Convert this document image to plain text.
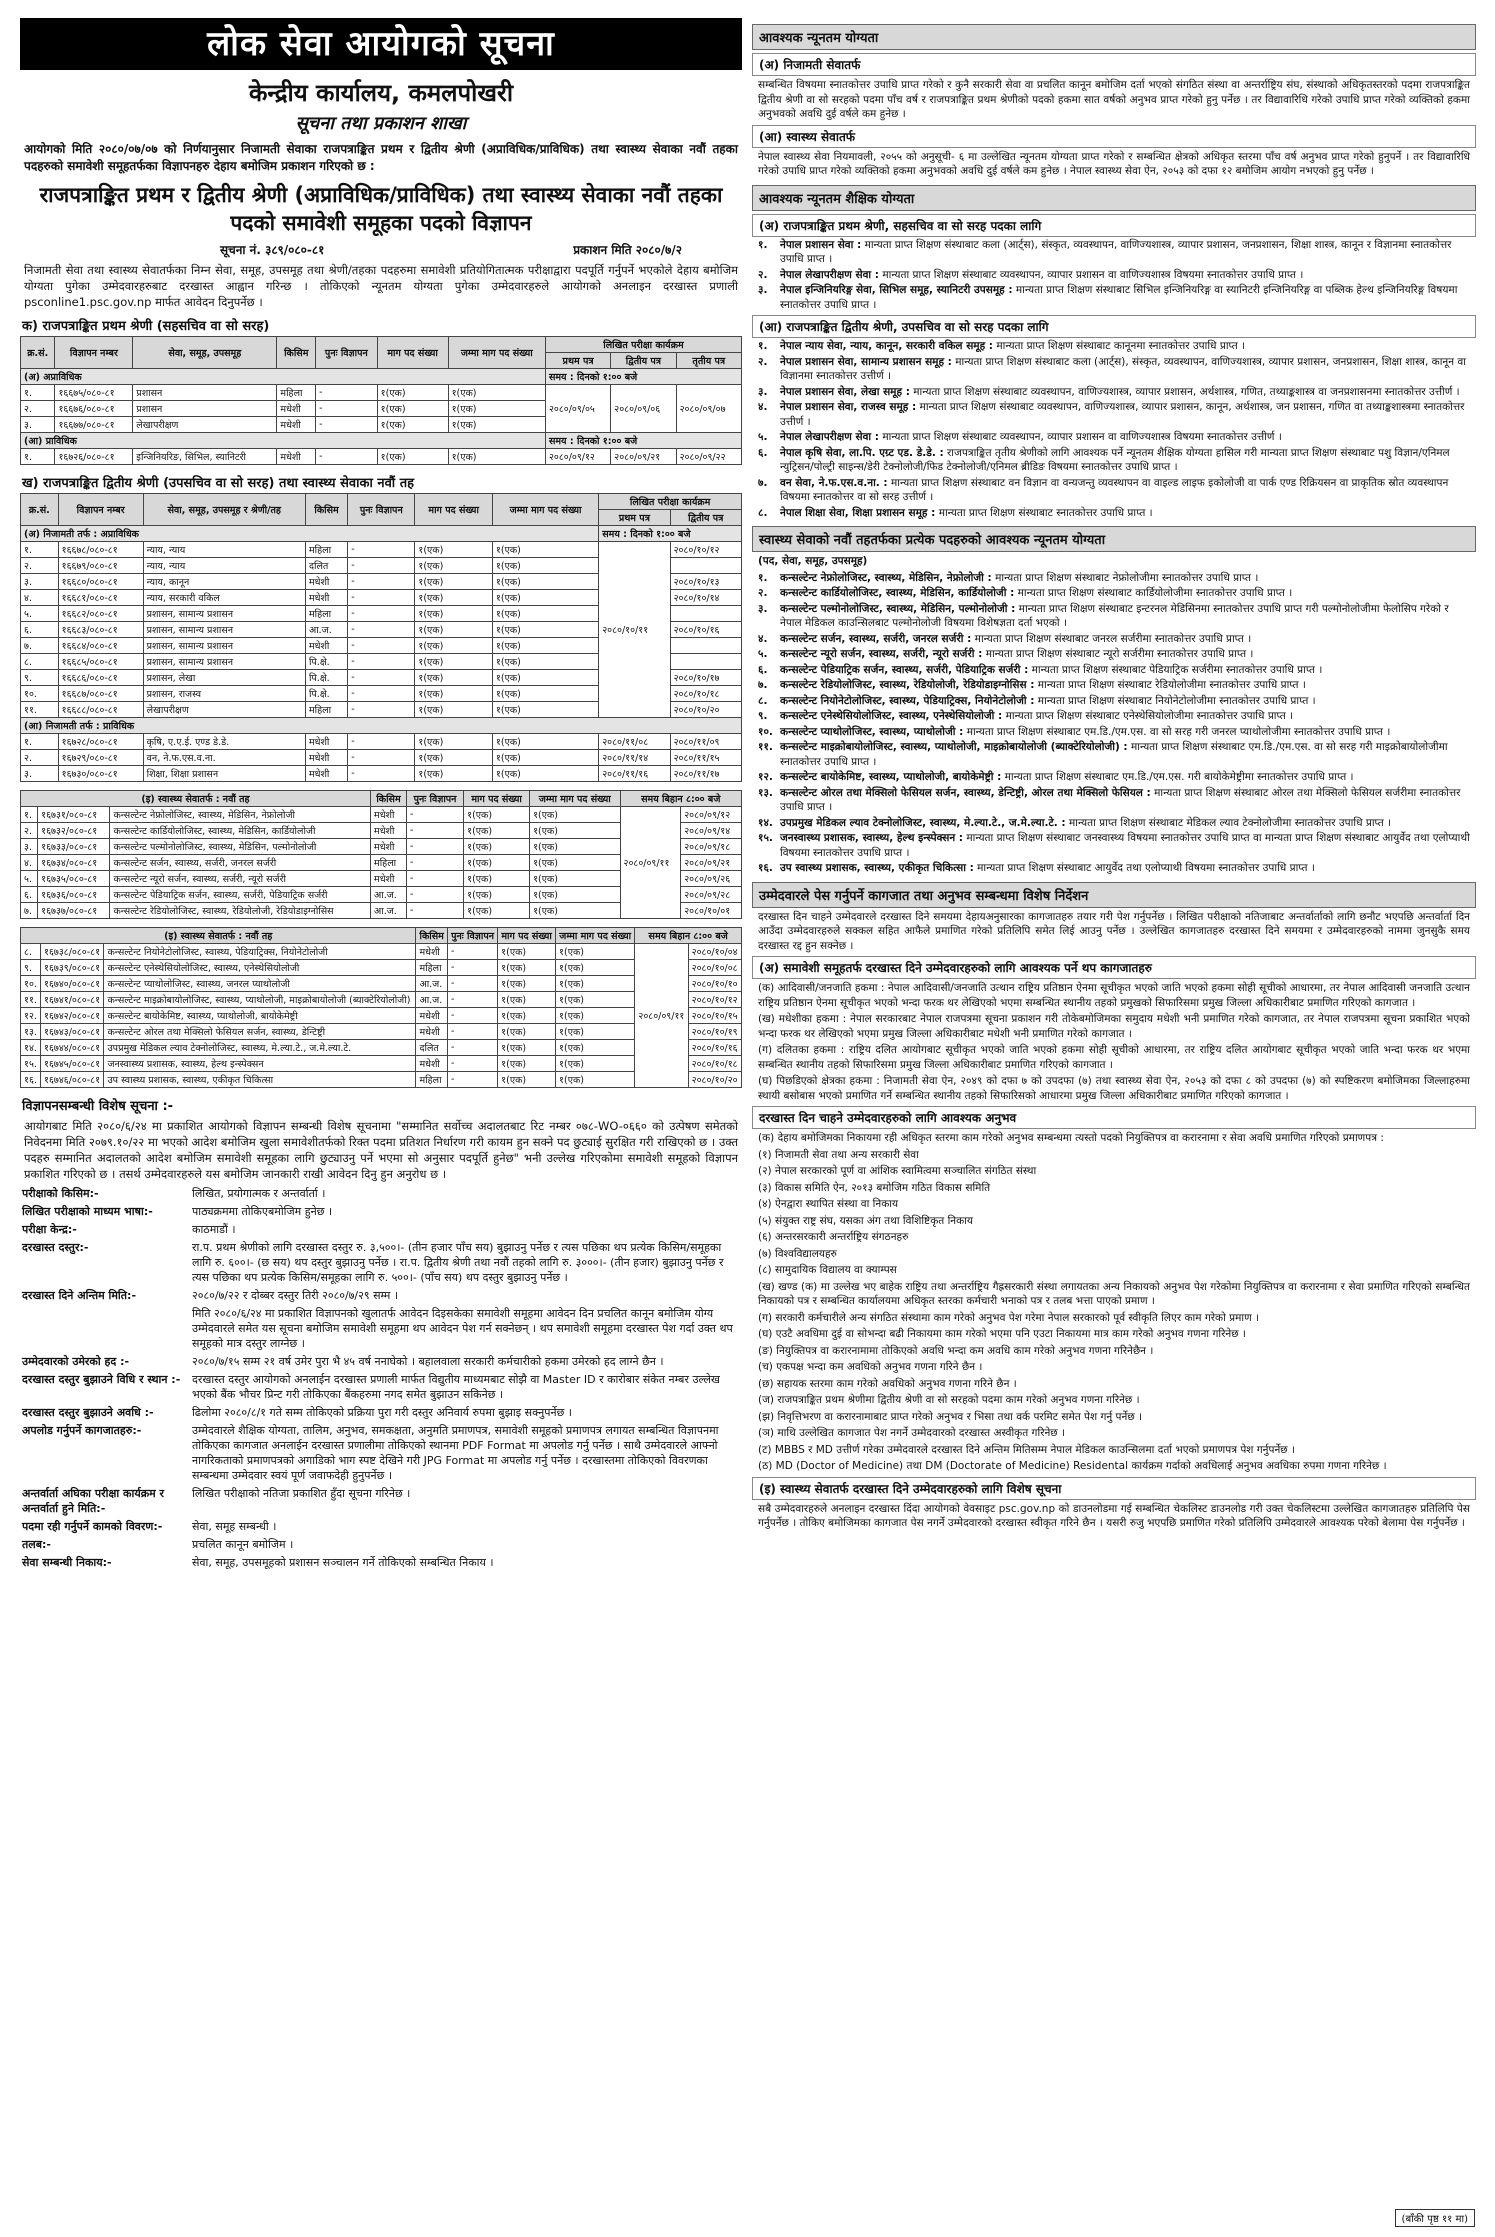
लोक सेवा आयोगको सूचना
केन्द्रीय कार्यालय, कमलपोखरी
सूचना तथा प्रकाशन शाखा
आयोगको मिति २०८०/०७/०७ को निर्णयानुसार निजामती सेवाका राजपत्राङ्कित प्रथम र द्वितीय श्रेणी (अप्राविधिक/प्राविधिक) तथा स्वास्थ्य सेवाका नवौं तहका पदहरुको समावेशी समूहतर्फका विज्ञापनहरु देहाय बमोजिम प्रकाशन गरिएको छ :
राजपत्राङ्कित प्रथम र द्वितीय श्रेणी (अप्राविधिक/प्राविधिक) तथा स्वास्थ्य सेवाका नवौं तहका पदको समावेशी समूहका पदको विज्ञापन
सूचना नं. ३८९/०८०-८१	प्रकाशन मिति २०८०/७/२
निजामती सेवा तथा स्वास्थ्य सेवातर्फका निम्न सेवा, समूह, उपसमूह तथा श्रेणी/तहका पदहरुमा समावेशी प्रतियोगितात्मक परीक्षाद्वारा पदपूर्ति गर्नुपर्ने भएकोले देहाय बमोजिम योग्यता पुगेका उम्मेदवारहरुबाट दरखास्त आह्वान गरिन्छ । तोकिएको न्यूनतम योग्यता पुगेका उम्मेदवारहरुले आयोगको अनलाइन दरखास्त प्रणाली psconline1.psc.gov.np मार्फत आवेदन दिनुपर्नेछ ।
क) राजपत्राङ्कित प्रथम श्रेणी (सहसचिव वा सो सरह)
क्र.सं.	विज्ञापन नम्बर	सेवा, समूह, उपसमूह	किसिम	पुनः विज्ञापन	माग पद संख्या	जम्मा माग पद संख्या	लिखित परीक्षा कार्यक्रम		
							प्रथम पत्र	द्वितीय पत्र	तृतीय पत्र
(अ) अप्राविधिक							समय : दिनको १:०० बजे		
१.	१६६७५/०८०-८१	प्रशासन	महिला	-	१(एक)	१(एक)	२०८०/०९/०५	२०८०/०९/०६	२०८०/०९/०७
२.	१६६७६/०८०-८१	प्रशासन	मधेशी	-	१(एक)	१(एक)			
३.	१६६७७/०८०-८१	लेखापरीक्षण	मधेशी	-	१(एक)	१(एक)			
(आ) प्राविधिक							समय : दिनको १:०० बजे		
१.	१६७२६/०८०-८१	इन्जिनियरिङ, सिभिल, स्यानिटरी	मधेशी	-	१(एक)	१(एक)	२०८०/०९/१२	२०८०/०९/२१	२०८०/०९/२२
ख) राजपत्राङ्कित द्वितीय श्रेणी (उपसचिव वा सो सरह) तथा स्वास्थ्य सेवाका नवौं तह
क्र.सं.	विज्ञापन नम्बर	सेवा, समूह, उपसमूह र श्रेणी/तह	किसिम	पुनः विज्ञापन	माग पद संख्या	जम्मा माग पद संख्या	लिखित परीक्षा कार्यक्रम	
							प्रथम पत्र	द्वितीय पत्र
(अ) निजामती तर्फ : अप्राविधिक							समय : दिनको १:०० बजे	
१.	१६६७८/०८०-८१	न्याय, न्याय	महिला	-	१(एक)	१(एक)	२०८०/१०/११	२०८०/१०/१२
२.	१६६७९/०८०-८१	न्याय, न्याय	दलित	-	१(एक)	१(एक)		
३.	१६६८०/०८०-८१	न्याय, कानून	मधेशी	-	१(एक)	१(एक)		२०८०/१०/१३
४.	१६६८१/०८०-८१	न्याय, सरकारी वकिल	मधेशी	-	१(एक)	१(एक)		२०८०/१०/१४
५.	१६६८२/०८०-८१	प्रशासन, सामान्य प्रशासन	महिला	-	१(एक)	१(एक)		
६.	१६६८३/०८०-८१	प्रशासन, सामान्य प्रशासन	आ.ज.	-	१(एक)	१(एक)		२०८०/१०/१६
७.	१६६८४/०८०-८१	प्रशासन, सामान्य प्रशासन	मधेशी	-	१(एक)	१(एक)		
८.	१६६८५/०८०-८१	प्रशासन, सामान्य प्रशासन	पि.क्षे.	-	१(एक)	१(एक)		
९.	१६६८६/०८०-८१	प्रशासन, लेखा	पि.क्षे.	-	१(एक)	१(एक)		२०८०/१०/१७
१०.	१६६८७/०८०-८१	प्रशासन, राजस्व	पि.क्षे.	-	१(एक)	१(एक)		२०८०/१०/१८
११.	१६६८८/०८०-८१	लेखापरीक्षण	महिला	-	१(एक)	१(एक)		२०८०/१०/२०
(आ) निजामती तर्फ : प्राविधिक								
१.	१६७२८/०८०-८१	कृषि, ए.ए.ई. एण्ड डे.डे.	मधेशी	-	१(एक)	१(एक)	२०८०/११/०८	२०८०/११/०९
२.	१६७२९/०८०-८१	वन, ने.फ.एस.व.ना.	मधेशी	-	१(एक)	१(एक)	२०८०/११/१४	२०८०/११/१५
३.	१६७३०/०८०-८१	शिक्षा, शिक्षा प्रशासन	मधेशी	-	१(एक)	१(एक)	२०८०/११/१६	२०८०/११/१७
(इ) स्वास्थ्य सेवातर्फ : नवौं तह			किसिम	पुनः विज्ञापन	माग पद संख्या	जम्मा माग पद संख्या	समय बिहान ८:०० बजे	
१.	१६७३१/०८०-८१	कन्सल्टेन्ट नेफ्रोलोजिस्ट, स्वास्थ्य, मेडिसिन, नेफ्रोलोजी	मधेशी	-	१(एक)	१(एक)	२०८०/०९/११	२०८०/०९/१२
२.	१६७३२/०८०-८१	कन्सल्टेन्ट कार्डियोलोजिस्ट, स्वास्थ्य, मेडिसिन, कार्डियोलोजी	मधेशी	-	१(एक)	१(एक)		२०८०/०९/१४
३.	१६७३३/०८०-८१	कन्सल्टेन्ट पल्मोनोलोजिस्ट, स्वास्थ्य, मेडिसिन, पल्मोनोलोजी	मधेशी	-	१(एक)	१(एक)		२०८०/०९/१८
४.	१६७३४/०८०-८१	कन्सल्टेन्ट सर्जन, स्वास्थ्य, सर्जरी, जनरल सर्जरी	महिला	-	१(एक)	१(एक)		२०८०/०९/२१
५.	१६७३५/०८०-८१	कन्सल्टेन्ट न्यूरो सर्जन, स्वास्थ्य, सर्जरी, न्यूरो सर्जरी	मधेशी	-	१(एक)	१(एक)		२०८०/०९/२६
६.	१६७३६/०८०-८१	कन्सल्टेन्ट पेडियाट्रिक सर्जन, स्वास्थ्य, सर्जरी, पेडियाट्रिक सर्जरी	आ.ज.	-	१(एक)	१(एक)		२०८०/०९/२८
७.	१६७३७/०८०-८१	कन्सल्टेन्ट रेडियोलोजिस्ट, स्वास्थ्य, रेडियोलोजी, रेडियोडाइग्नोसिस	आ.ज.	-	१(एक)	१(एक)		२०८०/१०/०१
(इ) स्वास्थ्य सेवातर्फ : नवौं तह			किसिम	पुनः विज्ञापन	माग पद संख्या	जम्मा माग पद संख्या	समय बिहान ८:०० बजे	
८.	१६७३८/०८०-८१	कन्सल्टेन्ट नियोनेटोलोजिस्ट, स्वास्थ्य, पेडियाट्रिक्स, नियोनेटोलोजी	मधेशी	-	१(एक)	१(एक)	२०८०/०९/११	२०८०/१०/०४
९.	१६७३९/०८०-८१	कन्सल्टेन्ट एनेस्थेसियोलोजिस्ट, स्वास्थ्य, एनेस्थेसियोलोजी	महिला	-	१(एक)	१(एक)		२०८०/१०/०८
१०.	१६७४०/०८०-८१	कन्सल्टेन्ट प्याथोलोजिस्ट, स्वास्थ्य, जनरल प्याथोलोजी	आ.ज.	-	१(एक)	१(एक)		२०८०/१०/१०
११.	१६७४१/०८०-८१	कन्सल्टेन्ट माइक्रोबायोलोजिस्ट, स्वास्थ्य, प्याथोलोजी, माइक्रोबायोलोजी (ब्याक्टेरियोलोजी)	आ.ज.	-	१(एक)	१(एक)		२०८०/१०/१२
१२.	१६७४२/०८०-८१	कन्सल्टेन्ट बायोकेमिष्ट, स्वास्थ्य, प्याथोलोजी, बायोकेमेष्ट्री	मधेशी	-	१(एक)	१(एक)		२०८०/१०/१५
१३.	१६७४३/०८०-८१	कन्सल्टेन्ट ओरल तथा मेक्सिलो फेसियल सर्जन, स्वास्थ्य, डेन्टिष्ट्री	मधेशी	-	१(एक)	१(एक)		२०८०/१०/१९
१४.	१६७४४/०८०-८१	उपप्रमुख मेडिकल ल्याव टेक्नोलोजिस्ट, स्वास्थ्य, मे.ल्या.टे., ज.मे.ल्या.टे.	दलित	-	१(एक)	१(एक)		२०८०/१०/१६
१५.	१६७४५/०८०-८१	जनस्वास्थ्य प्रशासक, स्वास्थ्य, हेल्थ इन्स्पेक्सन	मधेशी	-	१(एक)	१(एक)		२०८०/१०/१८
१६.	१६७४६/०८०-८१	उप स्वास्थ्य प्रशासक, स्वास्थ्य, एकीकृत चिकित्सा	महिला	-	१(एक)	१(एक)		२०८०/१०/२०
विज्ञापनसम्बन्धी विशेष सूचना :-
आयोगबाट मिति २०८०/६/२४ मा प्रकाशित आयोगको विज्ञापन सम्बन्धी विशेष सूचनामा "सम्मानित सर्वोच्च अदालतबाट रिट नम्बर ०७८-WO-०६६० को उत्पेषण समेतको निवेदनमा मिति २०७९.१०/२२ मा भएको आदेश बमोजिम खुला समावेशीतर्फको रिक्त पदमा प्रतिशत निर्धारण गरी कायम हुन सक्ने पद छुट्याई सुरक्षित गरी राखिएको छ । उक्त पदहरु सम्मानित अदालतको आदेश बमोजिम समावेशी समूहका लागि छुट्याउनु पर्ने भएमा सो अनुसार पदपूर्ति हुनेछ" भनी उल्लेख गरिएकोमा समावेशी समूहको विज्ञापन प्रकाशित गरिएको छ । तसर्थ उम्मेदवारहरुले यस बमोजिम जानकारी राखी आवेदन दिनु हुन अनुरोध छ ।
परीक्षाको किसिम:-	लिखित, प्रयोगात्मक र अन्तर्वार्ता ।
लिखित परीक्षाको माध्यम भाषा:-	पाठ्यक्रममा तोकिएबमोजिम हुनेछ ।
परीक्षा केन्द्र:-	काठमाडौं ।
दरखास्त दस्तुर:-	रा.प. प्रथम श्रेणीको लागि दरखास्त दस्तुर रु. ३,५००।- (तीन हजार पाँच सय) बुझाउनु पर्नेछ र त्यस पछिका थप प्रत्येक किसिम/समूहका लागि रु. ६००।- (छ सय) थप दस्तुर बुझाउनु पर्नेछ । रा.प. द्वितीय श्रेणी तथा नवौं तहको लागि रु. ३०००।- (तीन हजार) बुझाउनु पर्नेछ र त्यस पछिका थप प्रत्येक किसिम/समूहका लागि रु. ५००।- (पाँच सय) थप दस्तुर बुझाउनु पर्नेछ ।
दरखास्त दिने अन्तिम मिति:-	२०८०/७/२२ र दोब्बर दस्तुर तिरी २०८०/७/२९ सम्म ।
मिति २०८०/६/२४ मा प्रकाशित विज्ञापनको खुलातर्फ आवेदन दिइसकेका समावेशी समूहमा आवेदन दिन प्रचलित कानून बमोजिम योग्य उम्मेदवारले समेत यस सूचना बमोजिम समावेशी समूहमा थप आवेदन पेश गर्न सक्नेछन् । थप समावेशी समूहमा दरखास्त पेश गर्दा उक्त थप समूहको मात्र दस्तुर लाग्नेछ ।
उम्मेदवारको उमेरको हद :-	२०८०/७/१५ सम्म २१ वर्ष उमेर पुरा भै ४५ वर्ष ननाघेको । बहालवाला सरकारी कर्मचारीको हकमा उमेरको हद लाग्ने छैन ।
दरखास्त दस्तुर बुझाउने विधि र स्थान :-	दरखास्त दस्तुर आयोगको अनलाईन दरखास्त प्रणाली मार्फत विद्युतीय माध्यमबाट सोझै वा Master ID र कारोबार संकेत नम्बर उल्लेख भएको बैंक भौचर प्रिन्ट गरी तोकिएका बैंकहरुमा नगद समेत बुझाउन सकिनेछ ।
दरखास्त दस्तुर बुझाउने अवधि :-	ढिलोमा २०८०/८/१ गते सम्म तोकिएको प्रक्रिया पुरा गरी दस्तुर अनिवार्य रुपमा बुझाइ सक्नुपर्नेछ ।
अपलोड गर्नुपर्ने कागजातहरु:-	उम्मेदवारले शैक्षिक योग्यता, तालिम, अनुभव, समकक्षता, अनुमति प्रमाणपत्र, समावेशी समूहको प्रमाणपत्र लगायत सम्बन्धित विज्ञापनमा तोकिएका कागजात अनलाईन दरखास्त प्रणालीमा तोकिएको स्थानमा PDF Format मा अपलोड गर्नु पर्नेछ । साथै उम्मेदवारले आफ्नो नागरिकताको प्रमाणपत्रको अगाडिको भाग स्पष्ट देखिने गरी JPG Format मा अपलोड गर्नु पर्नेछ । दरखास्तमा तोकिएको विवरणका सम्बन्धमा उम्मेदवार स्वयं पूर्ण जवाफदेही हुनुपर्नेछ ।
अन्तर्वार्ता अघिका परीक्षा कार्यक्रम र अन्तर्वार्ता हुने मिति:-
लिखित परीक्षाको नतिजा प्रकाशित हुँदा सूचना गरिनेछ ।
पदमा रही गर्नुपर्ने कामको विवरण:-	सेवा, समूह सम्बन्धी ।
तलब:-	प्रचलित कानून बमोजिम ।
सेवा सम्बन्धी निकाय:-	सेवा, समूह, उपसमूहको प्रशासन सञ्चालन गर्ने तोकिएको सम्बन्धित निकाय ।
आवश्यक न्यूनतम योग्यता
(अ) निजामती सेवातर्फ
सम्बन्धित विषयमा स्नातकोत्तर उपाधि प्राप्त गरेको र कुनै सरकारी सेवा वा प्रचलित कानून बमोजिम दर्ता भएको संगठित संस्था वा अन्तर्राष्ट्रिय संघ, संस्थाको अधिकृतस्तरको पदमा राजपत्राङ्कित द्वितीय श्रेणी वा सो सरहको पदमा पाँच वर्ष र राजपत्राङ्कित प्रथम श्रेणीको पदको हकमा सात वर्षको अनुभव प्राप्त गरेको हुनु पर्नेछ । तर विद्यावारिधि गरेको उपाधि प्राप्त गरेको व्यक्तिको हकमा अनुभवको अवधि दुई वर्षले कम हुनेछ ।
(आ) स्वास्थ्य सेवातर्फ
नेपाल स्वास्थ्य सेवा नियमावली, २०५५ को अनुसूची- ६ मा उल्लेखित न्यूनतम योग्यता प्राप्त गरेको र सम्बन्धित क्षेत्रको अधिकृत स्तरमा पाँच वर्ष अनुभव प्राप्त गरेको हुनुपर्ने । तर विद्यावारिधि गरेको उपाधि प्राप्त गरेको व्यक्तिको हकमा अनुभवको अवधि दुई वर्षले कम हुनेछ । नेपाल स्वास्थ्य सेवा ऐन, २०५३ को दफा १२ बमोजिम आयोग नभएको हुनु पर्नेछ ।
आवश्यक न्यूनतम शैक्षिक योग्यता
(अ) राजपत्राङ्कित प्रथम श्रेणी, सहसचिव वा सो सरह पदका लागि
१.	नेपाल प्रशासन सेवा : मान्यता प्राप्त शिक्षण संस्थाबाट कला (आर्ट्स), संस्कृत, व्यवस्थापन, वाणिज्यशास्त्र, व्यापार प्रशासन, जनप्रशासन, शिक्षा शास्त्र, कानून र विज्ञानमा स्नातकोत्तर उपाधि प्राप्त ।
२.	नेपाल लेखापरीक्षण सेवा : मान्यता प्राप्त शिक्षण संस्थाबाट व्यवस्थापन, व्यापार प्रशासन वा वाणिज्यशास्त्र विषयमा स्नातकोत्तर उपाधि प्राप्त ।
३.	नेपाल इन्जिनियरिङ्ग सेवा, सिभिल समूह, स्यानिटरी उपसमूह : मान्यता प्राप्त शिक्षण संस्थाबाट सिभिल इन्जिनियरिङ्ग वा स्यानिटरी इन्जिनियरिङ्ग वा पब्लिक हेल्थ इन्जिनियरिङ्ग विषयमा स्नातकोत्तर उपाधि प्राप्त ।
(आ) राजपत्राङ्कित द्वितीय श्रेणी, उपसचिव वा सो सरह पदका लागि
१.	नेपाल न्याय सेवा, न्याय, कानून, सरकारी वकिल समूह : मान्यता प्राप्त शिक्षण संस्थाबाट कानूनमा स्नातकोत्तर उपाधि प्राप्त ।
२.	नेपाल प्रशासन सेवा, सामान्य प्रशासन समूह : मान्यता प्राप्त शिक्षण संस्थाबाट कला (आर्ट्स), संस्कृत, व्यवस्थापन, वाणिज्यशास्त्र, व्यापार प्रशासन, जनप्रशासन, शिक्षा शास्त्र, कानून वा विज्ञानमा स्नातकोत्तर उत्तीर्ण ।
३.	नेपाल प्रशासन सेवा, लेखा समूह : मान्यता प्राप्त शिक्षण संस्थाबाट व्यवस्थापन, वाणिज्यशास्त्र, व्यापार प्रशासन, अर्थशास्त्र, गणित, तथ्याङ्कशास्त्र वा जनप्रशासनमा स्नातकोत्तर उत्तीर्ण ।
४.	नेपाल प्रशासन सेवा, राजस्व समूह : मान्यता प्राप्त शिक्षण संस्थाबाट व्यवस्थापन, वाणिज्यशास्त्र, व्यापार प्रशासन, कानून, अर्थशास्त्र, जन प्रशासन, गणित वा तथ्याङ्कशास्त्रमा स्नातकोत्तर उत्तीर्ण ।
५.	नेपाल लेखापरीक्षण सेवा : मान्यता प्राप्त शिक्षण संस्थाबाट व्यवस्थापन, व्यापार प्रशासन वा वाणिज्यशास्त्र विषयमा स्नातकोत्तर उत्तीर्ण ।
६.	नेपाल कृषि सेवा, ला.पि. एग्र्ट एड. डे.डे. : राजपत्राङ्कित तृतीय श्रेणीको लागि आवश्यक पर्ने न्यूनतम शैक्षिक योग्यता हासिल गरी मान्यता प्राप्त शिक्षण संस्थाबाट पशु विज्ञान/एनिमल न्युट्रिसन/पोल्ट्री साइन्स/डेरी टेक्नोलोजी/फिड टेक्नोलोजी/एनिमल ब्रीडिङ विषयमा स्नातकोत्तर उपाधि प्राप्त ।
७.	वन सेवा, ने.फ.एस.व.ना. : मान्यता प्राप्त शिक्षण संस्थाबाट वन विज्ञान वा वन्यजन्तु व्यवस्थापन वा वाइल्ड लाइफ इकोलोजी वा पार्क एण्ड रिक्रियसन वा प्राकृतिक स्रोत व्यवस्थापन विषयमा स्नातकोत्तर वा सो सरह उत्तीर्ण ।
८.	नेपाल शिक्षा सेवा, शिक्षा प्रशासन समूह : मान्यता प्राप्त शिक्षण संस्थाबाट स्नातकोत्तर उपाधि प्राप्त ।
स्वास्थ्य सेवाको नवौं तहतर्फका प्रत्येक पदहरुको आवश्यक न्यूनतम योग्यता
(पद, सेवा, समूह, उपसमूह)
१.	कन्सल्टेन्ट नेफ्रोलोजिस्ट, स्वास्थ्य, मेडिसिन, नेफ्रोलोजी : मान्यता प्राप्त शिक्षण संस्थाबाट नेफ्रोलोजीमा स्नातकोत्तर उपाधि प्राप्त ।
२.	कन्सल्टेन्ट कार्डियोलोजिस्ट, स्वास्थ्य, मेडिसिन, कार्डियोलोजी : मान्यता प्राप्त शिक्षण संस्थाबाट कार्डियोलोजीमा स्नातकोत्तर उपाधि प्राप्त ।
३.	कन्सल्टेन्ट पल्मोनोलोजिस्ट, स्वास्थ्य, मेडिसिन, पल्मोनोलोजी : मान्यता प्राप्त शिक्षण संस्थाबाट इन्टरनल मेडिसिनमा स्नातकोत्तर उपाधि प्राप्त गरी पल्मोनोलोजीमा फेलोसिप गरेको र नेपाल मेडिकल काउन्सिलबाट पल्मोनोलोजी विषयमा विशेषज्ञता दर्ता भएको ।
४.	कन्सल्टेन्ट सर्जन, स्वास्थ्य, सर्जरी, जनरल सर्जरी : मान्यता प्राप्त शिक्षण संस्थाबाट जनरल सर्जरीमा स्नातकोत्तर उपाधि प्राप्त ।
५.	कन्सल्टेन्ट न्यूरो सर्जन, स्वास्थ्य, सर्जरी, न्यूरो सर्जरी : मान्यता प्राप्त शिक्षण संस्थाबाट न्यूरो सर्जरीमा स्नातकोत्तर उपाधि प्राप्त ।
६.	कन्सल्टेन्ट पेडियाट्रिक सर्जन, स्वास्थ्य, सर्जरी, पेडियाट्रिक सर्जरी : मान्यता प्राप्त शिक्षण संस्थाबाट पेडियाट्रिक सर्जरीमा स्नातकोत्तर उपाधि प्राप्त ।
७.	कन्सल्टेन्ट रेडियोलोजिस्ट, स्वास्थ्य, रेडियोलोजी, रेडियोडाइग्नोसिस : मान्यता प्राप्त शिक्षण संस्थाबाट रेडियोलोजीमा स्नातकोत्तर उपाधि प्राप्त ।
८.	कन्सल्टेन्ट नियोनेटोलोजिस्ट, स्वास्थ्य, पेडियाट्रिक्स, नियोनेटोलोजी : मान्यता प्राप्त शिक्षण संस्थाबाट नियोनेटोलोजीमा स्नातकोत्तर उपाधि प्राप्त ।
९.	कन्सल्टेन्ट एनेस्थेसियोलोजिस्ट, स्वास्थ्य, एनेस्थेसियोलोजी : मान्यता प्राप्त शिक्षण संस्थाबाट एनेस्थेसियोलोजीमा स्नातकोत्तर उपाधि प्राप्त ।
१०. कन्सल्टेन्ट प्याथोलोजिस्ट, स्वास्थ्य, प्याथोलोजी : मान्यता प्राप्त शिक्षण संस्थाबाट एम.डि./एम.एस. वा सो सरह गरी जनरल प्याथोलोजीमा स्नातकोत्तर उपाधि प्राप्त ।
११. कन्सल्टेन्ट माइक्रोबायोलोजिस्ट, स्वास्थ्य, प्याथोलोजी, माइक्रोबायोलोजी (ब्याक्टेरियोलोजी) : मान्यता प्राप्त शिक्षण संस्थाबाट एम.डि./एम.एस. वा सो सरह गरी माइक्रोबायोलोजीमा स्नातकोत्तर उपाधि प्राप्त ।
१२. कन्सल्टेन्ट बायोकेमिष्ट, स्वास्थ्य, प्याथोलोजी, बायोकेमेष्ट्री : मान्यता प्राप्त शिक्षण संस्थाबाट एम.डि./एम.एस. गरी बायोकेमेष्ट्रीमा स्नातकोत्तर उपाधि प्राप्त ।
१३. कन्सल्टेन्ट ओरल तथा मेक्सिलो फेसियल सर्जन, स्वास्थ्य, डेन्टिष्ट्री, ओरल तथा मेक्सिलो फेसियल : मान्यता प्राप्त शिक्षण संस्थाबाट ओरल तथा मेक्सिलो फेसियल सर्जरीमा स्नातकोत्तर उपाधि प्राप्त ।
१४. उपप्रमुख मेडिकल ल्याव टेक्नोलोजिस्ट, स्वास्थ्य, मे.ल्या.टे., ज.मे.ल्या.टे. : मान्यता प्राप्त शिक्षण संस्थाबाट मेडिकल ल्याव टेक्नोलोजीमा स्नातकोत्तर उपाधि प्राप्त ।
१५. जनस्वास्थ्य प्रशासक, स्वास्थ्य, हेल्थ इन्स्पेक्सन : मान्यता प्राप्त शिक्षण संस्थाबाट जनस्वास्थ्य विषयमा स्नातकोत्तर उपाधि प्राप्त वा मान्यता प्राप्त शिक्षण संस्थाबाट आयुर्वेद तथा एलोप्याथी विषयमा स्नातकोत्तर उपाधि प्राप्त ।
१६. उप स्वास्थ्य प्रशासक, स्वास्थ्य, एकीकृत चिकित्सा : मान्यता प्राप्त शिक्षण संस्थाबाट आयुर्वेद तथा एलोप्याथी विषयमा स्नातकोत्तर उपाधि प्राप्त ।
उम्मेदवारले पेस गर्नुपर्ने कागजात तथा अनुभव सम्बन्धमा विशेष निर्देशन
दरखास्त दिन चाहने उम्मेदवारले दरखास्त दिने समयमा देहायअनुसारका कागजातहरु तयार गरी पेश गर्नुपर्नेछ । लिखित परीक्षाको नतिजाबाट अन्तर्वार्ताको लागि छनौट भएपछि अन्तर्वार्ता दिन आउँदा उम्मेदवारहरुले सक्कल सहित आफैले प्रमाणित गरेको प्रतिलिपि समेत लिई आउनु पर्नेछ । उल्लेखित कागजातहरु दरखास्त दिने समयमा र उम्मेदवारहरुको नाममा जुनसुकै समय दरखास्त रद्द हुन सक्नेछ ।
(अ) समावेशी समूहतर्फ दरखास्त दिने उम्मेदवारहरुको लागि आवश्यक पर्ने थप कागजातहरु
(क) आदिवासी/जनजाति हकमा : नेपाल आदिवासी/जनजाति उत्थान राष्ट्रिय प्रतिष्ठान ऐनमा सूचीकृत भएको जाति भएको हकमा सोही सूचीको आधारमा, तर नेपाल आदिवासी जनजाति उत्थान राष्ट्रिय प्रतिष्ठान ऐनमा सूचीकृत भएको भन्दा फरक थर लेखिएको भएमा सम्बन्धित स्थानीय तहको प्रमुखको सिफारिसमा प्रमुख जिल्ला अधिकारीबाट प्रमाणित गरिएको कागजात ।
(ख) मधेशीका हकमा : नेपाल सरकारबाट नेपाल राजपत्रमा सूचना प्रकाशन गरी तोकेबमोजिमका समुदाय मधेशी भनी प्रमाणित गरेको कागजात, तर नेपाल राजपत्रमा सूचना प्रकाशित भएको भन्दा फरक थर लेखिएको भएमा प्रमुख जिल्ला अधिकारीबाट मधेशी भनी प्रमाणित गरेको कागजात ।
(ग) दलितका हकमा : राष्ट्रिय दलित आयोगबाट सूचीकृत भएको जाति भएको हकमा सोही सूचीको आधारमा, तर राष्ट्रिय दलित आयोगबाट सूचीकृत भएको जाति भन्दा फरक थर भएमा सम्बन्धित स्थानीय तहको सिफारिसमा प्रमुख जिल्ला अधिकारीबाट प्रमाणित गरिएको कागजात ।
(घ) पिछडिएको क्षेत्रका हकमा : निजामती सेवा ऐन, २०४९ को दफा ७ को उपदफा (७) तथा स्वास्थ्य सेवा ऐन, २०५३ को दफा ८ को उपदफा (७) को स्पष्टिकरण बमोजिमका जिल्लाहरुमा स्थायी बसोबास भएको प्रमाणित गर्ने सम्बन्धित स्थानीय तहको सिफारिसको आधारमा प्रमुख जिल्ला अधिकारीबाट प्रमाणित गरिएको कागजात ।
दरखास्त दिन चाहने उम्मेदवारहरुको लागि आवश्यक अनुभव
(क) देहाय बमोजिमका निकायमा रही अधिकृत स्तरमा काम गरेको अनुभव सम्बन्धमा त्यस्तो पदको नियुक्तिपत्र वा करारनामा र सेवा अवधि प्रमाणित गरिएको प्रमाणपत्र :
(१) निजामती सेवा तथा अन्य सरकारी सेवा
(२) नेपाल सरकारको पूर्ण वा आंशिक स्वामित्वमा सञ्चालित संगठित संस्था
(३) विकास समिति ऐन, २०१३ बमोजिम गठित विकास समिति
(४) ऐनद्वारा स्थापित संस्था वा निकाय
(५) संयुक्त राष्ट्र संघ, यसका अंग तथा विशिष्टिकृत निकाय
(६) अन्तरसरकारी अन्तर्राष्ट्रिय संगठनहरु
(७) विश्वविद्यालयहरु
(८) सामुदायिक विद्यालय वा क्याम्पस
(ख) खण्ड (क) मा उल्लेख भए बाहेक राष्ट्रिय तथा अन्तर्राष्ट्रिय गैह्रसरकारी संस्था लगायतका अन्य निकायको अनुभव पेश गरेकोमा नियुक्तिपत्र वा करारनामा र सेवा प्रमाणित गरिएको सम्बन्धित निकायको पत्र र सम्बन्धित कार्यालयमा अधिकृत स्तरका कर्मचारी भनाको पत्र र तलब भत्ता पाएको प्रमाण ।
(ग) सरकारी कर्मचारीले अन्य संगठित संस्थामा काम गरेको अनुभव पेश गरेमा नेपाल सरकारको पूर्व स्वीकृति लिएर काम गरेको प्रमाण ।
(घ) एउटै अवधिमा दुई वा सोभन्दा बढी निकायमा काम गरेको भएमा पनि एउटा निकायमा मात्र काम गरेको अनुभव गणना गरिनेछ ।
(ङ) नियुक्तिपत्र वा करारनामामा तोकिएको अवधि भन्दा कम अवधि काम गरेको अनुभव गणना गरिनेछैन ।
(च) एकपक्ष भन्दा कम अवधिको अनुभव गणना गरिने छैन ।
(छ) सहायक स्तरमा काम गरेको अवधिको अनुभव गणना गरिने छैन ।
(ज) राजपत्राङ्कित प्रथम श्रेणीमा द्वितीय श्रेणी वा सो सरहको पदमा काम गरेको अनुभव गणना गरिनेछ ।
(झ) निवृत्तिभरण वा करारनामाबाट प्राप्त गरेको अनुभव र भिसा तथा वर्क परमिट समेत पेश गर्नु पर्नेछ ।
(ञ) माथि उल्लेखित कागजात पेश नगर्ने उम्मेदवारको दरखास्त अस्वीकृत गरिनेछ ।
(ट) MBBS र MD उत्तीर्ण गरेका उम्मेदवारले दरखास्त दिने अन्तिम मितिसम्म नेपाल मेडिकल काउन्सिलमा दर्ता भएको प्रमाणपत्र पेश गर्नुपर्नेछ ।
(ठ) MD (Doctor of Medicine) तथा DM (Doctorate of Medicine) Residental कार्यक्रम गर्दाको अवधिलाई अनुभव अवधिका रुपमा गणना गरिनेछ ।
(इ) स्वास्थ्य सेवातर्फ दरखास्त दिने उम्मेदवारहरुको लागि विशेष सूचना
सबै उम्मेदवारहरुले अनलाइन दरखास्त दिंदा आयोगको वेवसाइट psc.gov.np को डाउनलोडमा गई सम्बन्धित चेकलिस्ट डाउनलोड गरी उक्त चेकलिस्टमा उल्लेखित कागजातहरु प्रतिलिपि पेस गर्नुपर्नेछ । तोकिए बमोजिमका कागजात पेस नगर्ने उम्मेदवारको दरखास्त स्वीकृत गरिने छैन । यसरी रुजु भएपछि प्रमाणित गरेको प्रतिलिपि उम्मेदवारले आवश्यक परेको बेलामा पेस गर्नुपर्नेछ ।
(बाँकी पृष्ठ ११ मा)
